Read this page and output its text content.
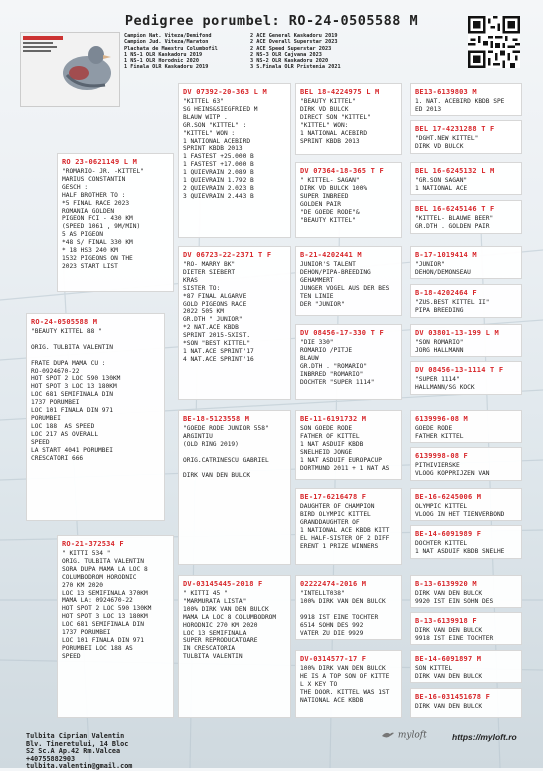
Pedigree porumbel: RO-24-0505588 M
Campion Nat. Viteza/Demifond
Campion Jud. Viteza/Maraton
Plachata de Maestru Columbofil
1 NS-1 OLR Kaskadoru 2019
1 NS-1 OLR Horodnic 2020
1 Finala OLR Kaskadoru 2019
2 ACE General Kaskadoru 2019
2 ACE Overall Superstar 2023
2 ACE Speed Superstar 2023
2 NS-3 OLR Cajvana 2023
3 NS-2 OLR Kaskadoru 2020
3 S.Finala OLR Pristenia 2021
RO-24-0505588 M
"BEAUTY KITTEL 88 "

ORIG. TULBITA VALENTIN

FRATE DUPA MAMA CU :
RO-0924670-22
HOT SPOT 2 LOC 590 130KM
HOT SPOT 3 LOC 13 180KM
LOC 681 SEMIFINALA DIN
1737 PORUMBEI
LOC 101 FINALA DIN 971
PORUMBEI
LOC 188  AS SPEED
LOC 217 AS OVERALL
SPEED
LA START 4041 PORUMBEI
CRESCATORI 666
RO 23-0621149 L M
"ROMARIO- JR. -KITTEL"
MARIUS CONSTANTIN
GESCH :
HALF BROTHER TO :
*5 FINAL RACE 2023
ROMANIA GOLDEN
PIGEON FCI - 430 KM
(SPEED 1061 , 9M/MIN)
5 AS PIGEON
*48 S/ FINAL 330 KM
* 18 HS3 240 KM
1532 PIGEONS ON THE
2023 START LIST
RO-21-372534 F
" KITTI 534 "
ORIG. TULBITA VALENTIN
SORA DUPA MAMA LA LOC 8
COLUMBODROM HORODNIC
270 KM 2020
LOC 13 SEMIFINALA 370KM
MAMA LA: 0924670-22
HOT SPOT 2 LOC 590 130KM
HOT SPOT 3 LOC 13 180KM
LOC 681 SEMIFINALA DIN
1737 PORUMBEI
LOC 101 FINALA DIN 971
PORUMBEI LOC 188 AS
SPEED
DV 07392-20-363 L M
"KITTEL 63"
SG HEINS&SIEGFRIED M
BLAUW WITP .
GR.SON "KITTEL" :
"KITTEL" WON :
1 NATIONAL ACEBIRD
SPRINT KBDB 2013
1 FASTEST +25.000 B
1 FASTEST +17.000 B
1 QUIEVRAIN 2.089 B
1 QUIEVRAIN 1.792 B
2 QUIEVRAIN 2.023 B
3 QUIEVRAIN 2.443 B
DV 06723-22-2371 T F
"RO- MARRY BK"
DIETER SIEBERT
KRAS
SISTER TO:
*87 FINAL ALGARVE
GOLD PIGEONS RACE
2022 505 KM
GR.DTH " JUNIOR"
*2 NAT.ACE KBDB
SPRINT 2015-5XIST.
*SON "BEST KITTEL"
1 NAT.ACE SPRINT'17
4 NAT.ACE SPRINT'16
BE-18-5123558 M
"GOEDE RODE JUNIOR 558"
ARGINTIU
(OLD RING 2019)

ORIG.CATRINESCU GABRIEL

DIRK VAN DEN BULCK
DV-03145445-2018 F
" KITTI 45 "
"MARMURATA LISTA"
100% DIRK VAN DEN BULCK
MAMA LA LOC 8 COLUMBODROM
HORODNIC 270 KM 2020
LOC 13 SEMIFINALA
SUPER REPRODUCATOARE
IN CRESCATORIA
TULBITA VALENTIN
BEL 18-4224975 L M
"BEAUTY KITTEL"
DIRK VD BULCK
DIRECT SON "KITTEL"
"KITTEL" WON:
1 NATIONAL ACEBIRD
SPRINT KBDB 2013
DV 07364-18-365 T F
" KITTEL- SAGAN"
DIRK VD BULCK 100%
SUPER INBREED
GOLDEN PAIR
"DE GOEDE RODE"&
"BEAUTY KITTEL"
B-21-4202441 M
JUNIOR'S TALENT
DEHON/PIPA-BREEDING
GEHAMMERT
JUNGER VOGEL AUS DER BES
TEN LINIE
DER "JUNIOR"
DV 08456-17-330 T F
"DIE 330"
ROMARIO /PITJE
BLAUW
GR.DTH . "ROMARIO"
INBRRED "ROMARIO"
DOCHTER "SUPER 1114"
BE-11-6191732 M
SON GOEDE RODE
FATHER OF KITTEL
1 NAT ASDUIF KBDB
SNELHEID JONGE
1 NAT ASDUIF EUROPACUP
DORTMUND 2011 + 1 NAT AS
BE-17-6216478 F
DAUGHTER OF CHAMPION
BIRD OLYMPIC KITTEL
GRANDDAUGHTER OF
1 NATIONAL ACE KBDB KITT
EL HALF-SISTER OF 2 DIFF
ERENT 1 PRIZE WINNERS
02222474-2016 M
"INTELLT038"
100% DIRK VAN DEN BULCK

9918 IST EINE TOCHTER
6514 SOHN DES 992
VATER ZU DIE 9929
DV-0314577-17 F
100% DIRK VAN DEN BULCK
HE IS A TOP SON OF KITTE
L X KEY TO
THE DOOR. KITTEL WAS 1ST
NATIONAL ACE KBDB
BE13-6139803 M
1. NAT. ACEBIRD KBDB SPE
ED 2013
BEL 17-4231288 T F
"DGHT.NEW KITTEL"
DIRK VD BULCK
BEL 16-6245132 L M
"GR.SON SAGAN"
1 NATIONAL ACE
BEL 16-6245146 T F
"KITTEL- BLAUWE BEER"
GR.DTH . GOLDEN PAIR
B-17-1019414 M
"JUNIOR"
DEHON/DEMONSEAU
B-18-4202464 F
"ZUS.BEST KITTEL II"
PIPA BREEDING
DV 03801-13-199 L M
"SON ROMARIO"
JORG HALLMANN
DV 08456-13-1114 T F
"SUPER 1114"
HALLMANN/SG KOCK
6139996-08 M
GOEDE RODE
FATHER KITTEL
6139998-08 F
PITHIVIERSKE
VLOOG KOPPRIJZEN VAN
BE-16-6245006 M
OLYMPIC KITTEL
VLOOG IN HET TIENVERBOND
BE-14-6091989 F
DOCHTER KITTEL
1 NAT ASDUIF KBDB SNELHE
B-13-6139920 M
DIRK VAN DEN BULCK
9920 IST EIN SOHN DES
B-13-6139918 F
DIRK VAN DEN BULCK
9918 IST EINE TOCHTER
BE-14-6091897 M
SON KITTEL
DIRK VAN DEN BULCK
BE-16-031451678 F
DIRK VAN DEN BULCK
Tulbita Ciprian Valentin
Blv. Tineretului, 14 Bloc
S2 Sc.A Ap.42 Rm.Valcea
+40755882903
tulbita.valentin@gmail.com
myloft	https://myloft.ro
